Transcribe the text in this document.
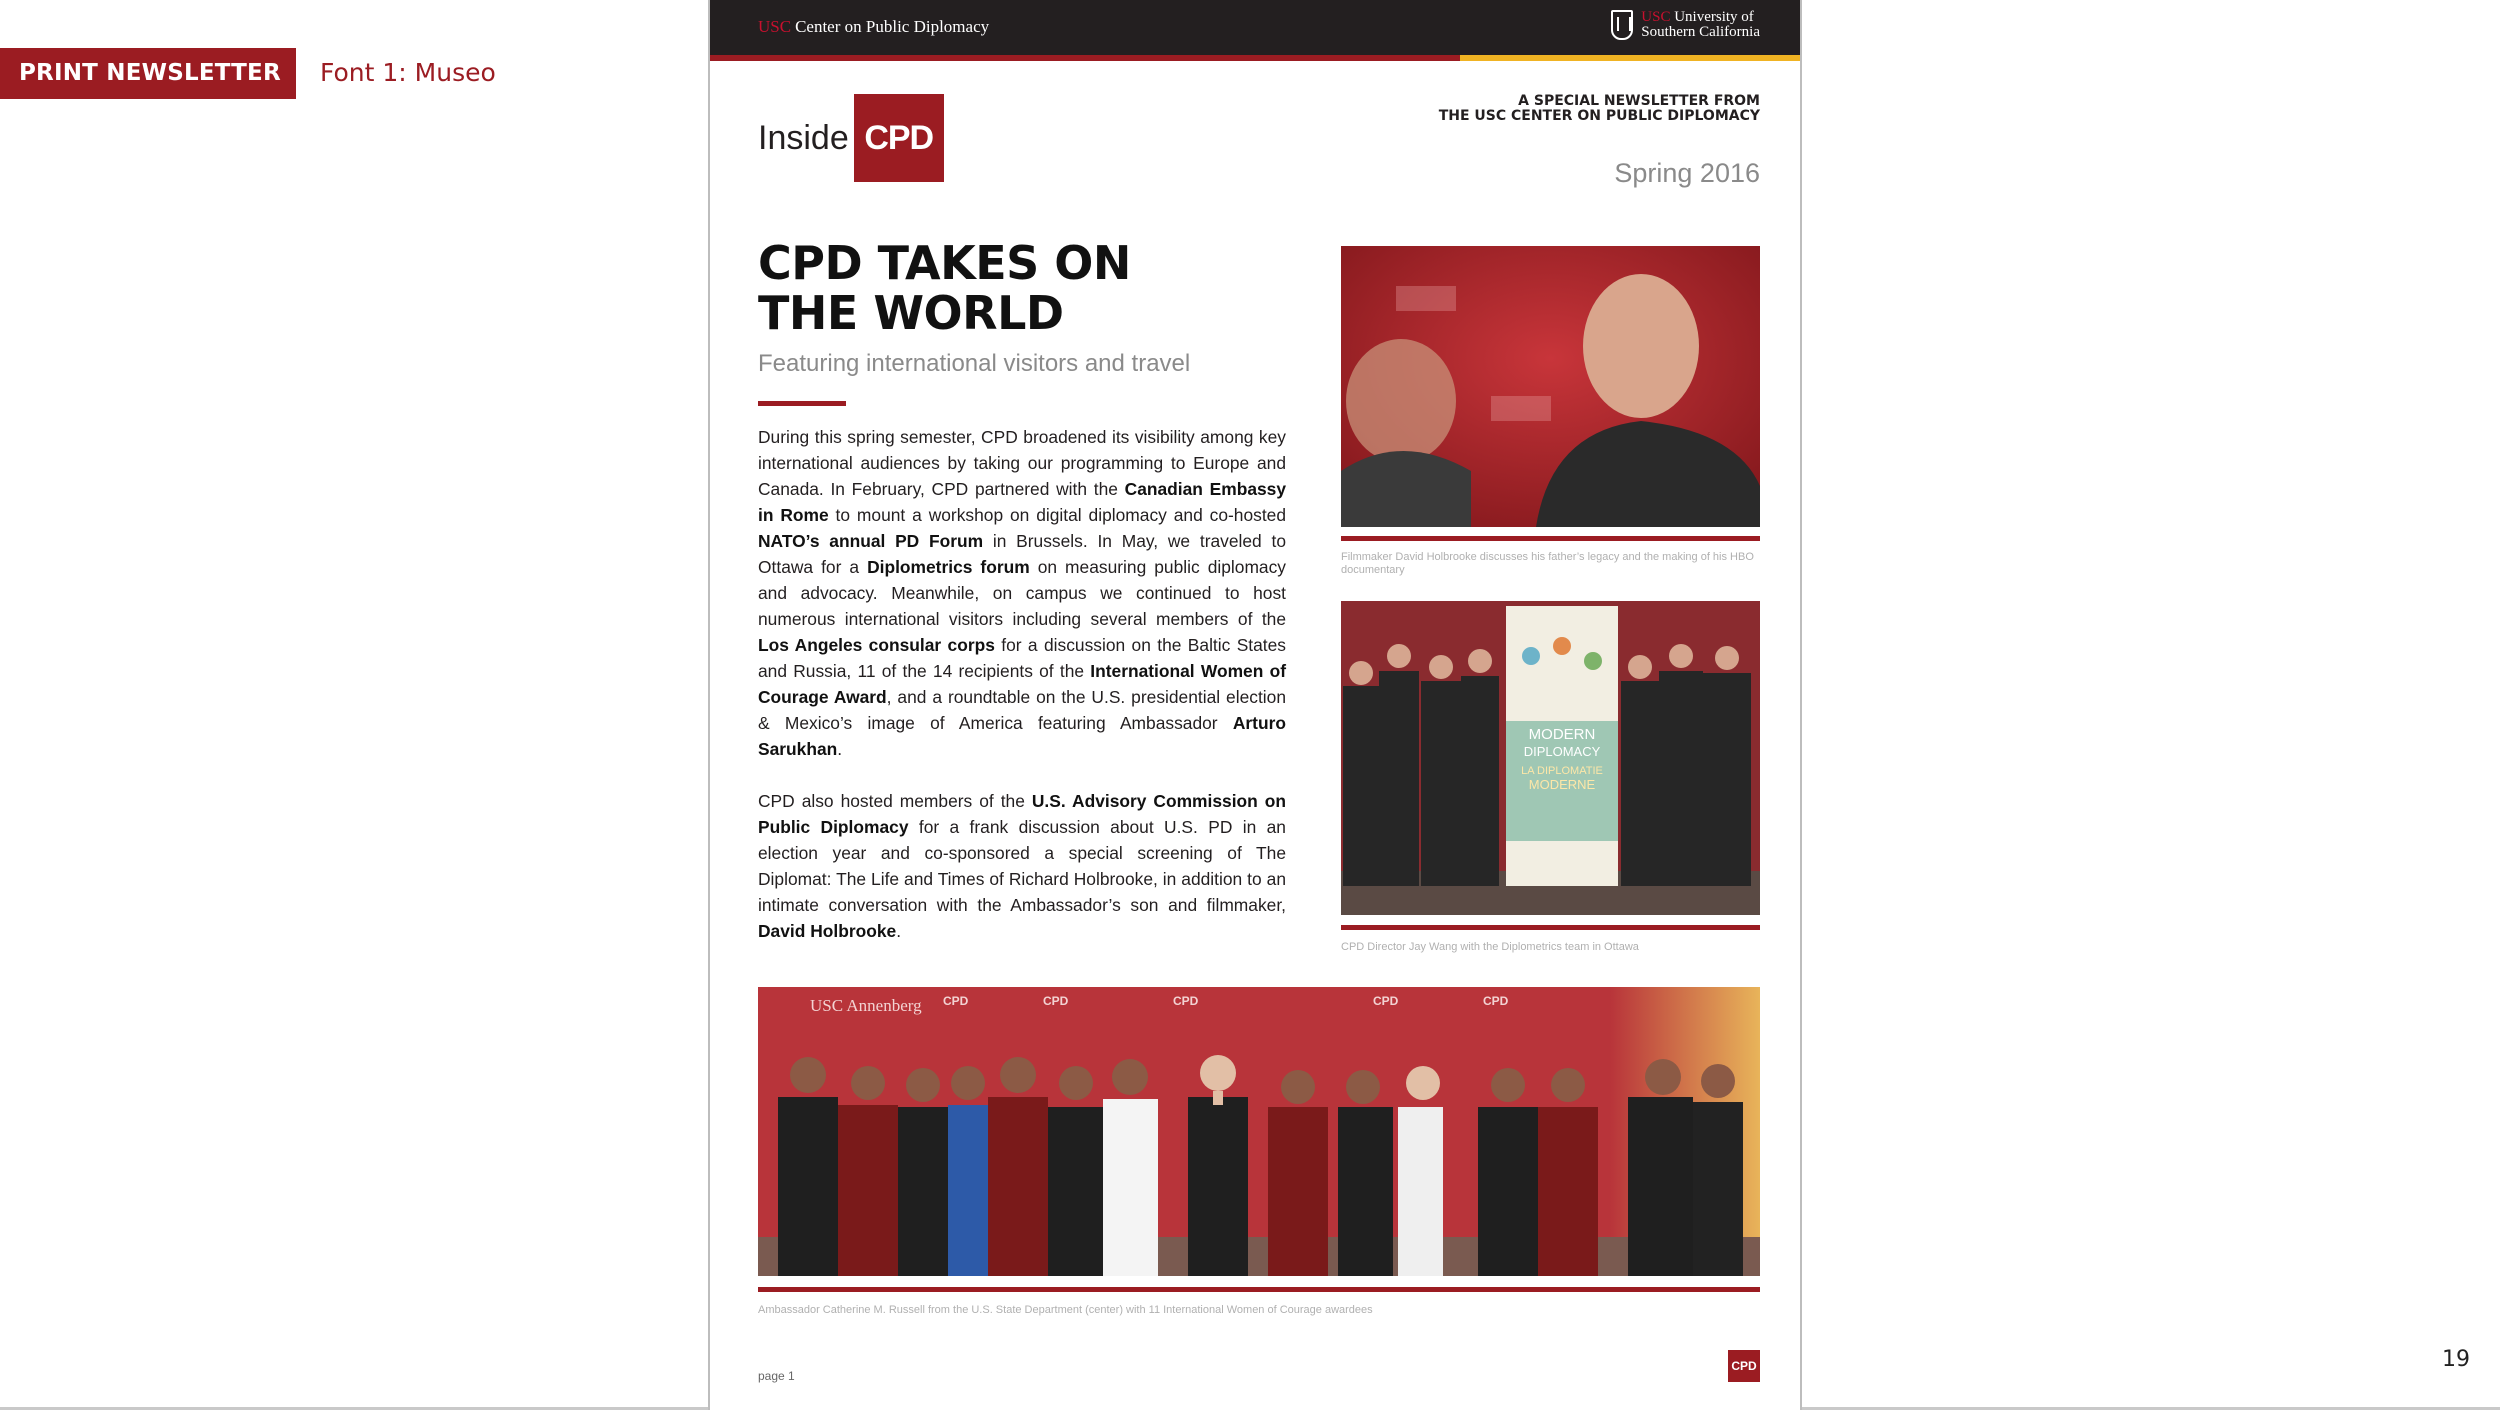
PRINT NEWSLETTER	Font 1: Museo
19
USC Center on Public Diplomacy	USC University of
Southern California
Inside CPD
A SPECIAL NEWSLETTER FROM
THE USC CENTER ON PUBLIC DIPLOMACY
Spring 2016
CPD TAKES ON
THE WORLD
Featuring international visitors and travel

During this spring semester, CPD broadened its visibility among key international audiences by taking our programming to Europe and Canada. In February, CPD partnered with the Canadian Embassy in Rome to mount a workshop on digital diplomacy and co-hosted NATO’s annual PD Forum in Brussels. In May, we traveled to Ottawa for a Diplometrics forum on measuring public diplomacy and advocacy. Meanwhile, on campus we continued to host numerous international visitors including several members of the Los Angeles consular corps for a discussion on the Baltic States and Russia, 11 of the 14 recipients of the International Women of Courage Award, and a roundtable on the U.S. presidential election & Mexico’s image of America featuring Ambassador Arturo Sarukhan.

CPD also hosted members of the U.S. Advisory Commission on Public Diplomacy for a frank discussion about U.S. PD in an election year and co-sponsored a special screening of The Diplomat: The Life and Times of Richard Holbrooke, in addition to an intimate conversation with the Ambassador’s son and filmmaker, David Holbrooke.

Filmmaker David Holbrooke discusses his father’s legacy and the making of his HBO documentary
MODERN
DIPLOMACY
LA DIPLOMATIE
MODERNE
CPD Director Jay Wang with the Diplometrics team in Ottawa
USC Annenberg CPD	CPD	CPD	CPD	CPD
Ambassador Catherine M. Russell from the U.S. State Department (center) with 11 International Women of Courage awardees
page 1
CPD
